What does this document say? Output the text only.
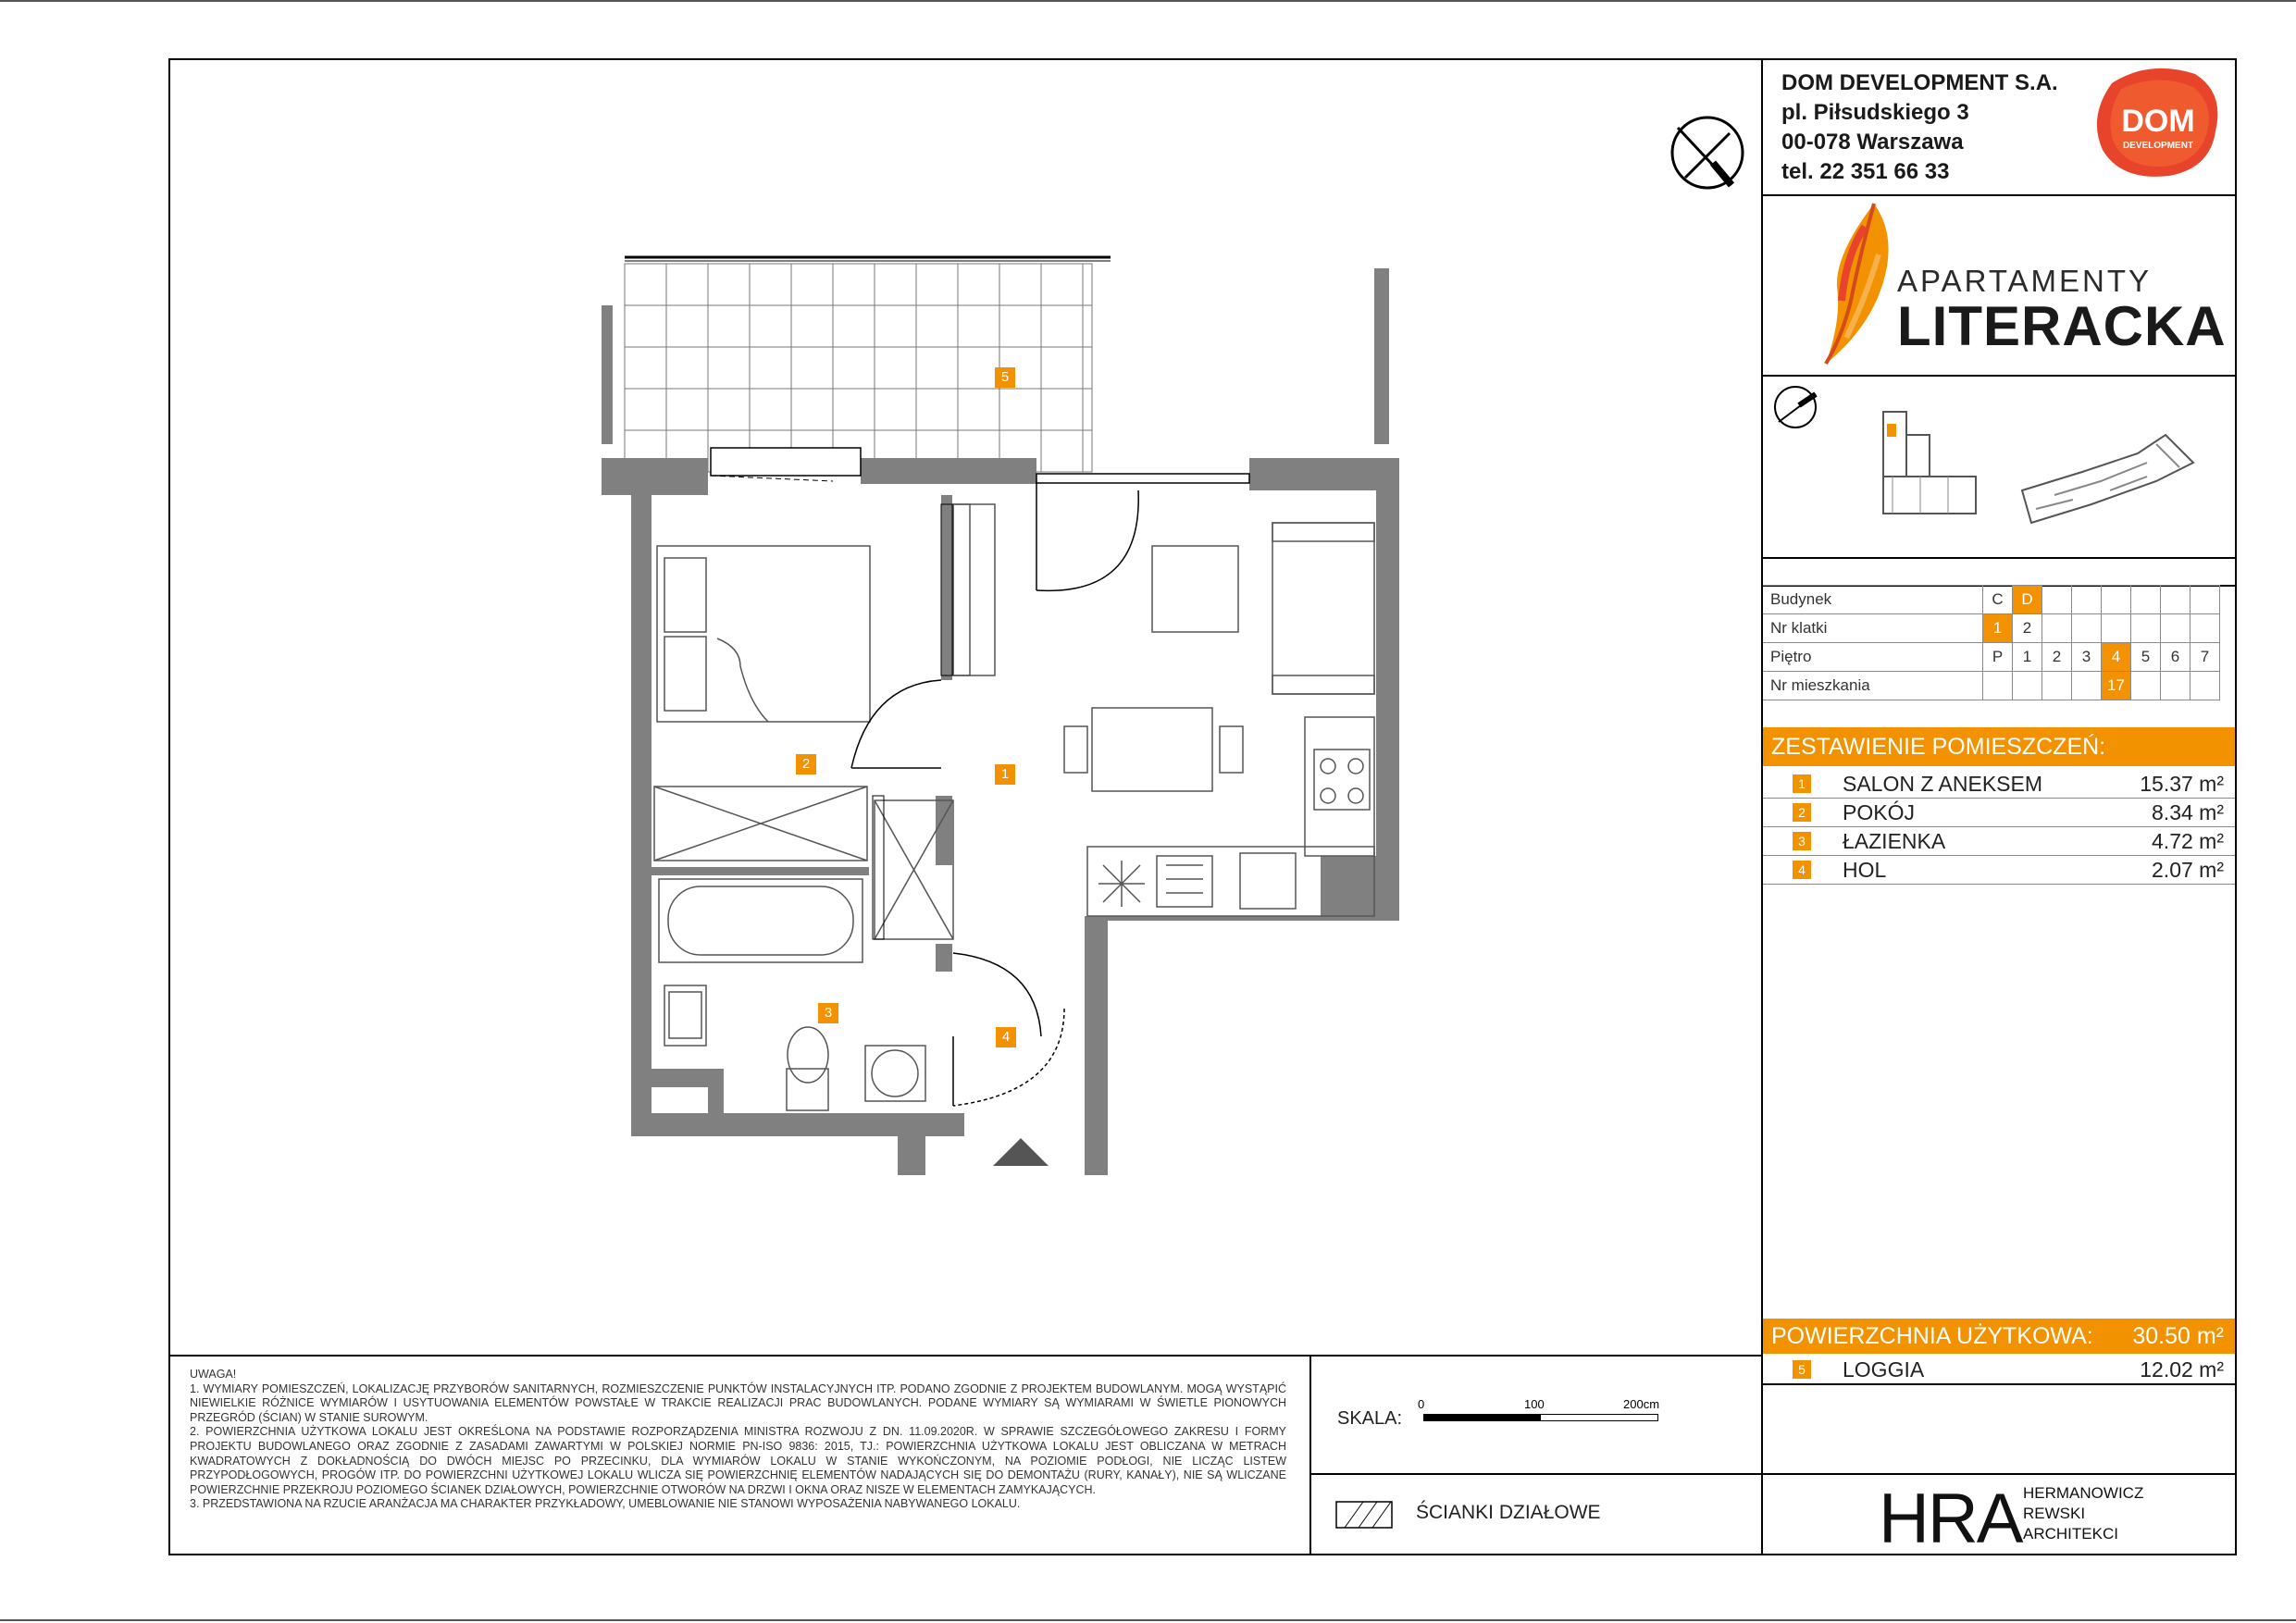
DOM DEVELOPMENT S.A.
pl. Piłsudskiego 3
00-078 Warszawa
tel. 22 351 66 33
DOM
DEVELOPMENT
APARTAMENTY
LITERACKA
Budynek	C	D						
Nr klatki	1	2						
Piętro	P	1	2	3	4	5	6	7
Nr mieszkania					17			
ZESTAWIENIE POMIESZCZEŃ:
1 SALON Z ANEKSEM	15.37 m²
2 POKÓJ	8.34 m²
3 ŁAZIENKA	4.72 m²
4 HOL	2.07 m²
POWIERZCHNIA UŻYTKOWA: 30.50 m²
5 LOGGIA	12.02 m²
UWAGA!
1. WYMIARY POMIESZCZEŃ, LOKALIZACJĘ PRZYBORÓW SANITARNYCH, ROZMIESZCZENIE PUNKTÓW INSTALACYJNYCH ITP. PODANO ZGODNIE Z PROJEKTEM BUDOWLANYM. MOGĄ WYSTĄPIĆ NIEWIELKIE RÓŻNICE WYMIARÓW I USYTUOWANIA ELEMENTÓW POWSTAŁE W TRAKCIE REALIZACJI PRAC BUDOWLANYCH. PODANE WYMIARY SĄ WYMIARAMI W ŚWIETLE PIONOWYCH PRZEGRÓD (ŚCIAN) W STANIE SUROWYM.
2. POWIERZCHNIA UŻYTKOWA LOKALU JEST OKREŚLONA NA PODSTAWIE ROZPORZĄDZENIA MINISTRA ROZWOJU Z DN. 11.09.2020R. W SPRAWIE SZCZEGÓŁOWEGO ZAKRESU I FORMY PROJEKTU BUDOWLANEGO ORAZ ZGODNIE Z ZASADAMI ZAWARTYMI W POLSKIEJ NORMIE PN-ISO 9836: 2015, TJ.: POWIERZCHNIA UŻYTKOWA LOKALU JEST OBLICZANA W METRACH KWADRATOWYCH Z DOKŁADNOŚCIĄ DO DWÓCH MIEJSC PO PRZECINKU, DLA WYMIARÓW LOKALU W STANIE WYKOŃCZONYM, NA POZIOMIE PODŁOGI, NIE LICZĄC LISTEW PRZYPODŁOGOWYCH, PROGÓW ITP. DO POWIERZCHNI UŻYTKOWEJ LOKALU WLICZA SIĘ POWIERZCHNIĘ ELEMENTÓW NADAJĄCYCH SIĘ DO DEMONTAŻU (RURY, KANAŁY), NIE SĄ WLICZANE POWIERZCHNIE PRZEKROJU POZIOMEGO ŚCIANEK DZIAŁOWYCH, POWIERZCHNIE OTWORÓW NA DRZWI I OKNA ORAZ NISZE W ELEMENTACH ZAMYKAJĄCYCH.
3. PRZEDSTAWIONA NA RZUCIE ARANŻACJA MA CHARAKTER PRZYKŁADOWY, UMEBLOWANIE NIE STANOWI WYPOSAŻENIA NABYWANEGO LOKALU.
SKALA:
0	100	200cm
ŚCIANKI DZIAŁOWE	HRA HERMANOWICZ
REWSKI
ARCHITEKCI
5
2
1
3
4
